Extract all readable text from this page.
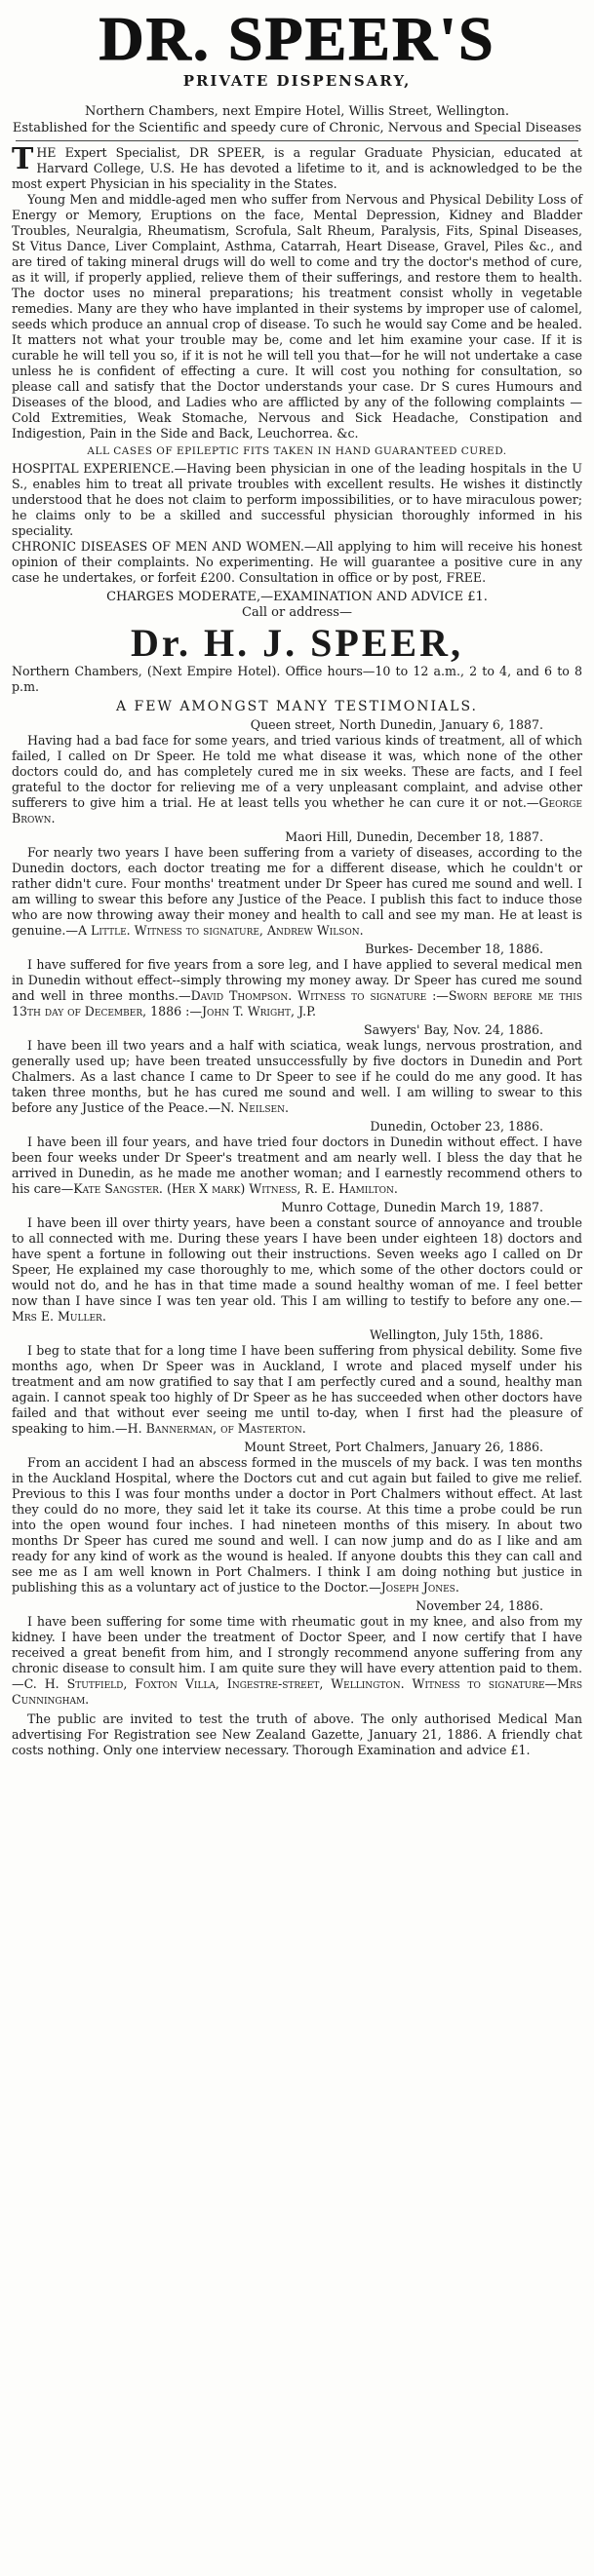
DR. SPEER'S
PRIVATE DISPENSARY,
Northern Chambers, next Empire Hotel, Willis Street, Wellington.
Established for the Scientific and speedy cure of Chronic, Nervous and Special Diseases

THE Expert Specialist, DR SPEER, is a regular Graduate Physician, educated at Harvard College, U.S. He has devoted a lifetime to it, and is acknowledged to be the most expert Physician in his speciality in the States.

Young Men and middle-aged men who suffer from Nervous and Physical Debility Loss of Energy or Memory, Eruptions on the face, Mental Depression, Kidney and Bladder Troubles, Neuralgia, Rheumatism, Scrofula, Salt Rheum, Paralysis, Fits, Spinal Diseases, St Vitus Dance, Liver Complaint, Asthma, Catarrah, Heart Disease, Gravel, Piles &c., and are tired of taking mineral drugs will do well to come and try the doctor's method of cure, as it will, if properly applied, relieve them of their sufferings, and restore them to health. The doctor uses no mineral preparations; his treatment consist wholly in vegetable remedies. Many are they who have implanted in their systems by improper use of calomel, seeds which produce an annual crop of disease. To such he would say Come and be healed. It matters not what your trouble may be, come and let him examine your case. If it is curable he will tell you so, if it is not he will tell you that—for he will not undertake a case unless he is confident of effecting a cure. It will cost you nothing for consultation, so please call and satisfy that the Doctor understands your case. Dr S cures Humours and Diseases of the blood, and Ladies who are afflicted by any of the following complaints —Cold Extremities, Weak Stomache, Nervous and Sick Headache, Constipation and Indigestion, Pain in the Side and Back, Leuchorrea. &c.

ALL CASES OF EPILEPTIC FITS TAKEN IN HAND GUARANTEED CURED.

HOSPITAL EXPERIENCE.—Having been physician in one of the leading hospitals in the U S., enables him to treat all private troubles with excellent results. He wishes it distinctly understood that he does not claim to perform impossibilities, or to have miraculous power; he claims only to be a skilled and successful physician thoroughly informed in his speciality.

CHRONIC DISEASES OF MEN AND WOMEN.—All applying to him will receive his honest opinion of their complaints. No experimenting. He will guarantee a positive cure in any case he undertakes, or forfeit £200. Consultation in office or by post, FREE.

CHARGES MODERATE,—EXAMINATION AND ADVICE £1.
Call or address—
Dr. H. J. SPEER,

Northern Chambers, (Next Empire Hotel). Office hours—10 to 12 a.m., 2 to 4, and 6 to 8 p.m.

A FEW AMONGST MANY TESTIMONIALS.
Queen street, North Dunedin, January 6, 1887.

Having had a bad face for some years, and tried various kinds of treatment, all of which failed, I called on Dr Speer. He told me what disease it was, which none of the other doctors could do, and has completely cured me in six weeks. These are facts, and I feel grateful to the doctor for relieving me of a very unpleasant complaint, and advise other sufferers to give him a trial. He at least tells you whether he can cure it or not.—George Brown.

Maori Hill, Dunedin, December 18, 1887.

For nearly two years I have been suffering from a variety of diseases, according to the Dunedin doctors, each doctor treating me for a different disease, which he couldn't or rather didn't cure. Four months' treatment under Dr Speer has cured me sound and well. I am willing to swear this before any Justice of the Peace. I publish this fact to induce those who are now throwing away their money and health to call and see my man. He at least is genuine.—A Little. Witness to signature, Andrew Wilson.

Burkes- December 18, 1886.

I have suffered for five years from a sore leg, and I have applied to several medical men in Dunedin without effect--simply throwing my money away. Dr Speer has cured me sound and well in three months.—David Thompson. Witness to signature :—Sworn before me this 13th day of December, 1886 :—John T. Wright, J.P.

Sawyers' Bay, Nov. 24, 1886.

I have been ill two years and a half with sciatica, weak lungs, nervous prostration, and generally used up; have been treated unsuccessfully by five doctors in Dunedin and Port Chalmers. As a last chance I came to Dr Speer to see if he could do me any good. It has taken three months, but he has cured me sound and well. I am willing to swear to this before any Justice of the Peace.—N. Neilsen.

Dunedin, October 23, 1886.

I have been ill four years, and have tried four doctors in Dunedin without effect. I have been four weeks under Dr Speer's treatment and am nearly well. I bless the day that he arrived in Dunedin, as he made me another woman; and I earnestly recommend others to his care—Kate Sangster. (Her X mark) Witness, R. E. Hamilton.

Munro Cottage, Dunedin March 19, 1887.

I have been ill over thirty years, have been a constant source of annoyance and trouble to all connected with me. During these years I have been under eighteen 18) doctors and have spent a fortune in following out their instructions. Seven weeks ago I called on Dr Speer, He explained my case thoroughly to me, which some of the other doctors could or would not do, and he has in that time made a sound healthy woman of me. I feel better now than I have since I was ten year old. This I am willing to testify to before any one.—Mrs E. Muller.

Wellington, July 15th, 1886.

I beg to state that for a long time I have been suffering from physical debility. Some five months ago, when Dr Speer was in Auckland, I wrote and placed myself under his treatment and am now gratified to say that I am perfectly cured and a sound, healthy man again. I cannot speak too highly of Dr Speer as he has succeeded when other doctors have failed and that without ever seeing me until to-day, when I first had the pleasure of speaking to him.—H. Bannerman, of Masterton.

Mount Street, Port Chalmers, January 26, 1886.

From an accident I had an abscess formed in the muscels of my back. I was ten months in the Auckland Hospital, where the Doctors cut and cut again but failed to give me relief. Previous to this I was four months under a doctor in Port Chalmers without effect. At last they could do no more, they said let it take its course. At this time a probe could be run into the open wound four inches. I had nineteen months of this misery. In about two months Dr Speer has cured me sound and well. I can now jump and do as I like and am ready for any kind of work as the wound is healed. If anyone doubts this they can call and see me as I am well known in Port Chalmers. I think I am doing nothing but justice in publishing this as a voluntary act of justice to the Doctor.—Joseph Jones.

November 24, 1886.

I have been suffering for some time with rheumatic gout in my knee, and also from my kidney. I have been under the treatment of Doctor Speer, and I now certify that I have received a great benefit from him, and I strongly recommend anyone suffering from any chronic disease to consult him. I am quite sure they will have every attention paid to them.—C. H. Stutfield, Foxton Villa, Ingestre-street, Wellington. Witness to signature—Mrs Cunningham.

The public are invited to test the truth of above. The only authorised Medical Man advertising For Registration see New Zealand Gazette, January 21, 1886. A friendly chat costs nothing. Only one interview necessary. Thorough Examination and advice £1.
